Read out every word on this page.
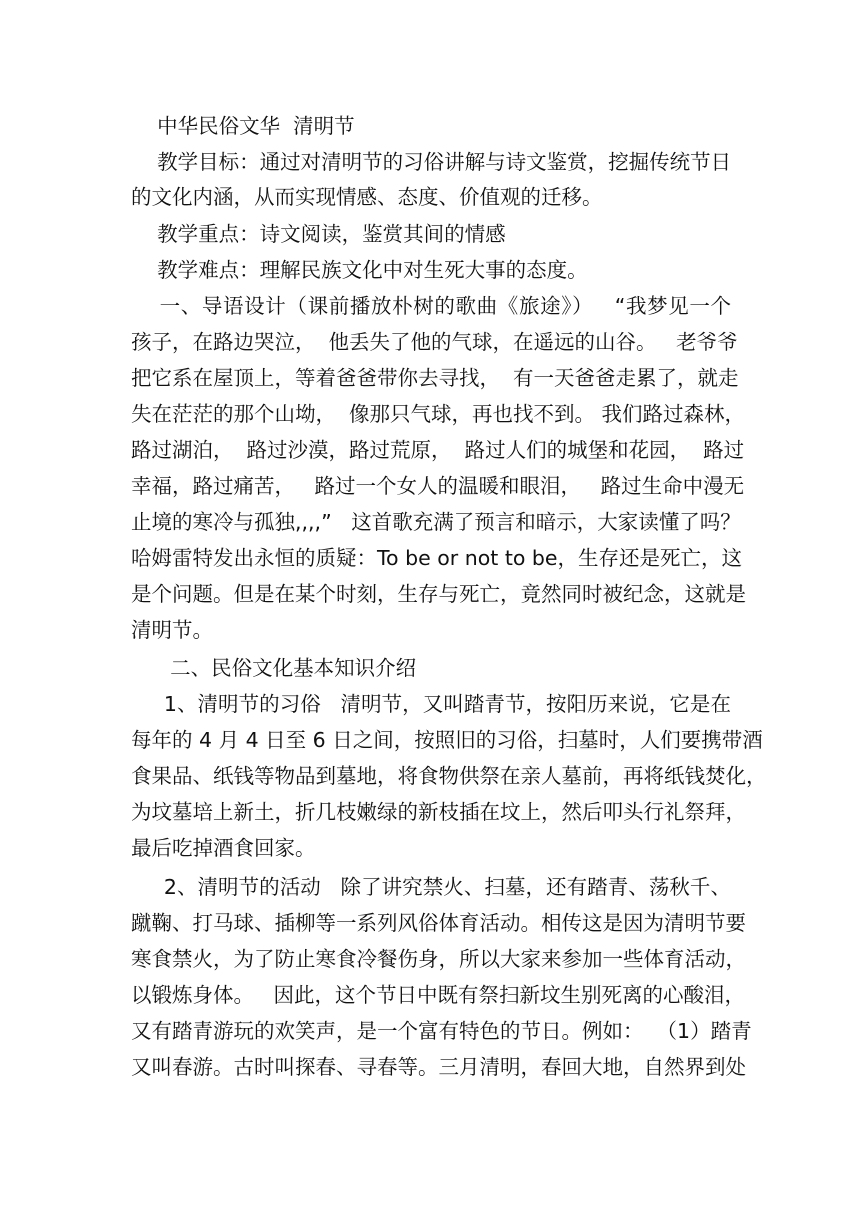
中华民俗文华  清明节
教学目标：通过对清明节的习俗讲解与诗文鉴赏，挖掘传统节日
的文化内涵，从而实现情感、态度、价值观的迁移。
教学重点：诗文阅读，鉴赏其间的情感
教学难点：理解民族文化中对生死大事的态度。
一、导语设计（课前播放朴树的歌曲《旅途》）   “我梦见一个
孩子，在路边哭泣，  他丢失了他的气球，在遥远的山谷。   老爷爷
把它系在屋顶上，等着爸爸带你去寻找，  有一天爸爸走累了，就走
失在茫茫的那个山坳，  像那只气球，再也找不到。 我们路过森林，
路过湖泊，  路过沙漠，路过荒原，  路过人们的城堡和花园，  路过
幸福，路过痛苦，   路过一个女人的温暖和眼泪，   路过生命中漫无
止境的寒冷与孤独,,,,”   这首歌充满了预言和暗示，大家读懂了吗？
哈姆雷特发出永恒的质疑：To be or not to be，生存还是死亡，这
是个问题。但是在某个时刻，生存与死亡，竟然同时被纪念，这就是
清明节。
二、民俗文化基本知识介绍
1、清明节的习俗   清明节，又叫踏青节，按阳历来说，它是在
每年的 4 月 4 日至 6 日之间，按照旧的习俗，扫墓时，人们要携带酒
食果品、纸钱等物品到墓地，将食物供祭在亲人墓前，再将纸钱焚化，
为坟墓培上新土，折几枝嫩绿的新枝插在坟上，然后叩头行礼祭拜，
最后吃掉酒食回家。
2、清明节的活动   除了讲究禁火、扫墓，还有踏青、荡秋千、
蹴鞠、打马球、插柳等一系列风俗体育活动。相传这是因为清明节要
寒食禁火，为了防止寒食冷餐伤身，所以大家来参加一些体育活动，
以锻炼身体。   因此，这个节日中既有祭扫新坟生别死离的心酸泪，
又有踏青游玩的欢笑声，是一个富有特色的节日。例如：  （1）踏青
又叫春游。古时叫探春、寻春等。三月清明，春回大地，自然界到处
